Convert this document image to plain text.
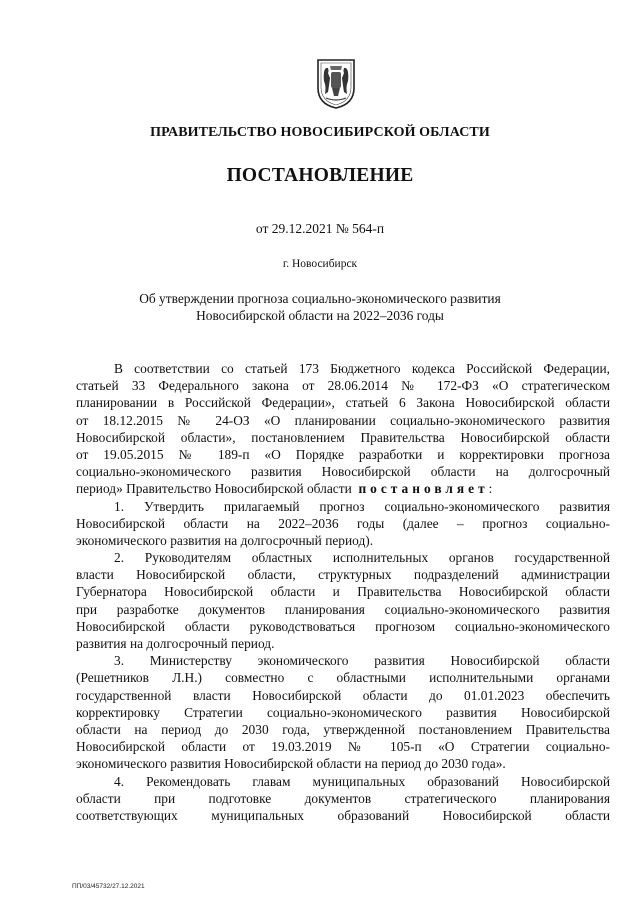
ПРАВИТЕЛЬСТВО НОВОСИБИРСКОЙ ОБЛАСТИ
ПОСТАНОВЛЕНИЕ
от 29.12.2021 № 564-п
г. Новосибирск
Об утверждении прогноза социально-экономического развития
Новосибирской области на 2022–2036 годы
В соответствии со статьей 173 Бюджетного кодекса Российской Федерации,
статьей 33 Федерального закона от 28.06.2014 № 172-ФЗ «О стратегическом
планировании в Российской Федерации», статьей 6 Закона Новосибирской области
от 18.12.2015 № 24-ОЗ «О планировании социально-экономического развития
Новосибирской области», постановлением Правительства Новосибирской области
от 19.05.2015 № 189-п «О Порядке разработки и корректировки прогноза
социально-экономического развития Новосибирской области на долгосрочный
период» Правительство Новосибирской области постановляет:
1. Утвердить прилагаемый прогноз социально-экономического развития
Новосибирской области на 2022–2036 годы (далее – прогноз социально-
экономического развития на долгосрочный период).
2. Руководителям областных исполнительных органов государственной
власти Новосибирской области, структурных подразделений администрации
Губернатора Новосибирской области и Правительства Новосибирской области
при разработке документов планирования социально-экономического развития
Новосибирской области руководствоваться прогнозом социально-экономического
развития на долгосрочный период.
3. Министерству экономического развития Новосибирской области
(Решетников Л.Н.) совместно с областными исполнительными органами
государственной власти Новосибирской области до 01.01.2023 обеспечить
корректировку Стратегии социально-экономического развития Новосибирской
области на период до 2030 года, утвержденной постановлением Правительства
Новосибирской области от 19.03.2019 № 105-п «О Стратегии социально-
экономического развития Новосибирской области на период до 2030 года».
4. Рекомендовать главам муниципальных образований Новосибирской
области при подготовке документов стратегического планирования
соответствующих муниципальных образований Новосибирской области
ПП/03/45732/27.12.2021
